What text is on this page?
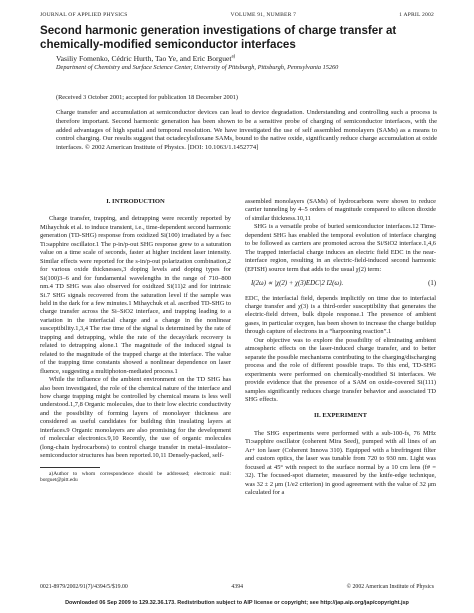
JOURNAL OF APPLIED PHYSICS	VOLUME 91, NUMBER 7	1 APRIL 2002
Second harmonic generation investigations of charge transfer at chemically-modified semiconductor interfaces
Vasiliy Fomenko, Cédric Hurth, Tao Ye, and Eric Borguet$^{a)}$
Department of Chemistry and Surface Science Center, University of Pittsburgh, Pittsburgh, Pennsylvania 15260
(Received 3 October 2001; accepted for publication 18 December 2001)
Charge transfer and accumulation at semiconductor devices can lead to device degradation. Understanding and controlling such a process is therefore important. Second harmonic generation has been shown to be a sensitive probe of charging of semiconductor interfaces, with the added advantages of high spatial and temporal resolution. We have investigated the use of self assembled monolayers (SAMs) as a means to control charging. Our results suggest that octadecylsiloxane SAMs, bound to the native oxide, significantly reduce charge accumulation at oxide interfaces. © 2002 American Institute of Physics. [DOI: 10.1063/1.1452774]
I. INTRODUCTION

Charge transfer, trapping, and detrapping were recently reported by Mihaychuk et al. to induce transient, i.e., time-dependent second harmonic generation (TD-SHG) response from oxidized Si(100) irradiated by a fsec Ti:sapphire oscillator.1 The p-in/p-out SHG response grew to a saturation value on a time scale of seconds, faster at higher incident laser intensity. Similar effects were reported for the s-in/p-out polarization combination,2 for various oxide thicknesses,3 doping levels and doping types for Si(100)3–6 and for fundamental wavelengths in the range of 710–800 nm.4 TD SHG was also observed for oxidized Si(11)2 and for intrinsic Si.7 SHG signals recovered from the saturation level if the sample was held in the dark for a few minutes.1 Mihaychuk et al. ascribed TD-SHG to charge transfer across the Si–SiO2 interface, and trapping leading to a variation in the interfacial charge and a change in the nonlinear susceptibility.1,3,4 The rise time of the signal is determined by the rate of trapping and detrapping, while the rate of the decay/dark recovery is related to detrapping alone.1 The magnitude of the induced signal is related to the magnitude of the trapped charge at the interface. The value of the trapping time constants showed a nonlinear dependence on laser fluence, suggesting a multiphoton-mediated process.1

While the influence of the ambient environment on the TD SHG has also been investigated, the role of the chemical nature of the interface and how charge trapping might be controlled by chemical means is less well understood.1,7,8 Organic molecules, due to their low electric conductivity and the possibility of forming layers of monolayer thickness are considered as useful candidates for building thin insulating layers at interfaces.9 Organic monolayers are also promising for the development of molecular electronics.9,10 Recently, the use of organic molecules (long-chain hydrocarbons) to control charge transfer in metal–insulator–semiconductor structures has been reported.10,11 Densely-packed, self-

a)Author to whom correspondence should be addressed; electronic mail: borguet@pitt.edu

assembled monolayers (SAMs) of hydrocarbons were shown to reduce carrier tunneling by 4–5 orders of magnitude compared to silicon dioxide of similar thickness.10,11

SHG is a versatile probe of buried semiconductor interfaces.12 Time-dependent SHG has enabled the temporal evolution of interface charging to be followed as carriers are promoted across the Si/SiO2 interface.1,4,6 The trapped interfacial charge induces an electric field EDC in the near-interface region, resulting in an electric-field-induced second harmonic (EFISH) source term that adds to the usual χ(2) term:

I(2ω) ∝ |χ(2) + χ(3)EDC|2 I2(ω).	(1)

EDC, the interfacial field, depends implicitly on time due to interfacial charge transfer and χ(3) is a third-order susceptibility that generates the electric-field driven, bulk dipole response.1 The presence of ambient gases, in particular oxygen, has been shown to increase the charge buildup through capture of electrons in a “harpooning reaction”.1

Our objective was to explore the possibility of eliminating ambient atmospheric effects on the laser-induced charge transfer, and to better separate the possible mechanisms contributing to the charging/discharging process and the role of different possible traps. To this end, TD-SHG experiments were performed on chemically-modified Si interfaces. We provide evidence that the presence of a SAM on oxide-covered Si(111) samples significantly reduces charge transfer behavior and associated TD SHG effects.

II. EXPERIMENT

The SHG experiments were performed with a sub-100-fs, 76 MHz Ti:sapphire oscillator (coherent Mira Seed), pumped with all lines of an Ar+ ion laser (Coherent Innova 310). Equipped with a birefringent filter and custom optics, the laser was tunable from 720 to 930 nm. Light was focused at 45° with respect to the surface normal by a 10 cm lens (f# = 32). The focused-spot diameter, measured by the knife-edge technique, was 32 ± 2 μm (1/e2 criterion) in good agreement with the value of 32 μm calculated for a

0021-8979/2002/91(7)/4394/5/$19.00	4394	© 2002 American Institute of Physics
Downloaded 06 Sep 2009 to 129.32.36.173. Redistribution subject to AIP license or copyright; see http://jap.aip.org/jap/copyright.jsp
